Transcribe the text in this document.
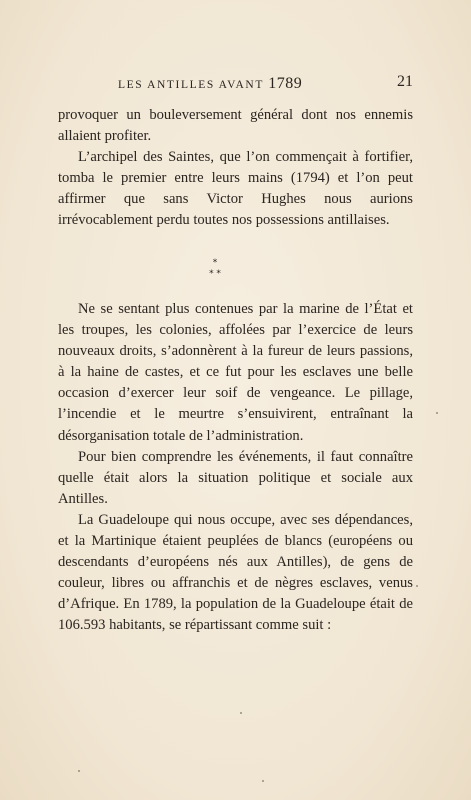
LES ANTILLES AVANT 1789	21

provoquer un bouleversement général dont nos ennemis allaient profiter.

L’archipel des Saintes, que l’on commençait à fortifier, tomba le premier entre leurs mains (1794) et l’on peut affirmer que sans Victor Hughes nous aurions irrévocablement perdu toutes nos possessions antillaises.

*
* *

Ne se sentant plus contenues par la marine de l’État et les troupes, les colonies, affolées par l’exercice de leurs nouveaux droits, s’adonnèrent à la fureur de leurs passions, à la haine de castes, et ce fut pour les esclaves une belle occasion d’exercer leur soif de vengeance. Le pillage, l’incendie et le meurtre s’ensuivirent, entraînant la désorganisation totale de l’administration.

Pour bien comprendre les événements, il faut connaître quelle était alors la situation politique et sociale aux Antilles.

La Guadeloupe qui nous occupe, avec ses dépendances, et la Martinique étaient peuplées de blancs (européens ou descendants d’européens nés aux Antilles), de gens de couleur, libres ou affranchis et de nègres esclaves, venus d’Afrique. En 1789, la population de la Guadeloupe était de 106.593 habitants, se répartissant comme suit :
